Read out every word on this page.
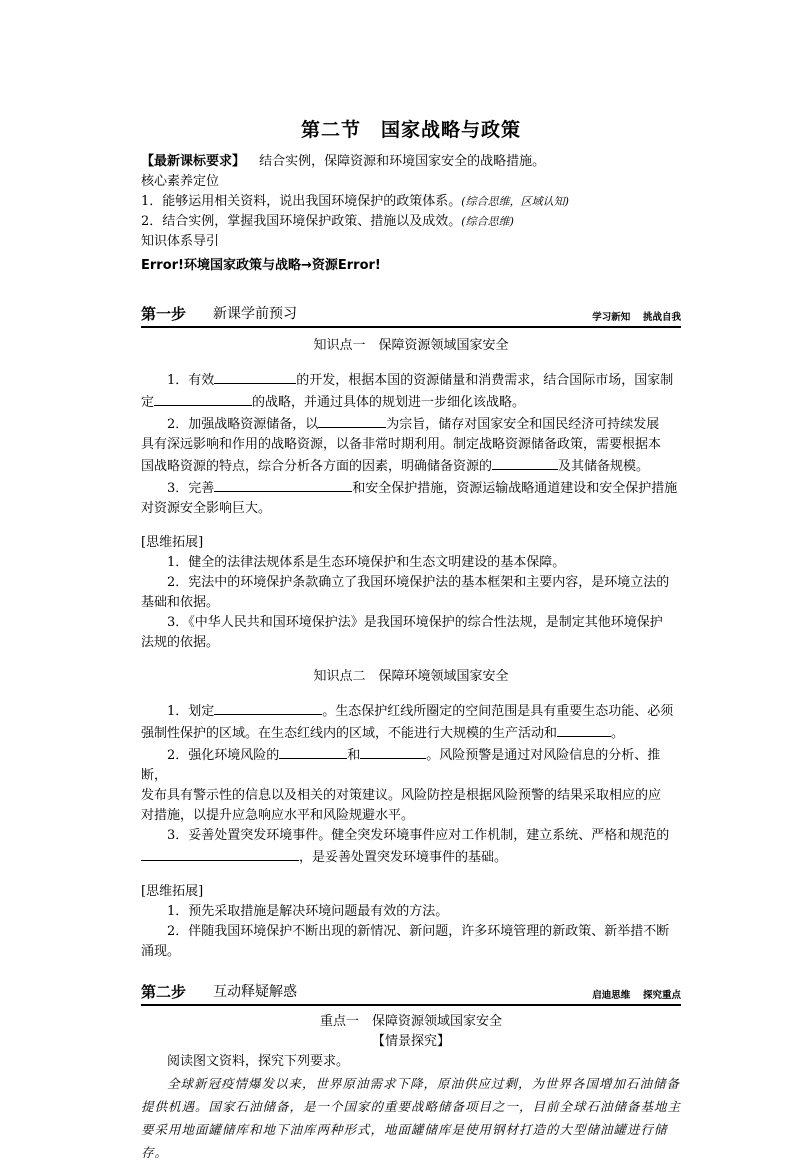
第二节　国家战略与政策

【最新课标要求】 结合实例，保障资源和环境国家安全的战略措施。

核心素养定位

1．能够运用相关资料，说出我国环境保护的政策体系。(综合思维，区域认知)

2．结合实例，掌握我国环境保护政策、措施以及成效。(综合思维)

知识体系导引

Error!环境国家政策与战略→资源Error!

第一步 新课学前预习	学习新知　 挑战自我

知识点一　保障资源领域国家安全

1．有效	的开发，根据本国的资源储量和消费需求，结合国际市场，国家制

定	的战略，并通过具体的规划进一步细化该战略。

2．加强战略资源储备，以	为宗旨，储存对国家安全和国民经济可持续发展

具有深远影响和作用的战略资源，以备非常时期利用。制定战略资源储备政策，需要根据本

国战略资源的特点，综合分析各方面的因素，明确储备资源的	及其储备规模。

3．完善	和安全保护措施，资源运输战略通道建设和安全保护措施

对资源安全影响巨大。

[思维拓展]

1．健全的法律法规体系是生态环境保护和生态文明建设的基本保障。

2．宪法中的环境保护条款确立了我国环境保护法的基本框架和主要内容，是环境立法的

基础和依据。

3．《中华人民共和国环境保护法》是我国环境保护的综合性法规，是制定其他环境保护

法规的依据。

知识点二　保障环境领域国家安全

1．划定	。生态保护红线所圈定的空间范围是具有重要生态功能、必须

强制性保护的区域。在生态红线内的区域，不能进行大规模的生产活动和	。

2．强化环境风险的	和	。风险预警是通过对风险信息的分析、推断，

发布具有警示性的信息以及相关的对策建议。风险防控是根据风险预警的结果采取相应的应

对措施，以提升应急响应水平和风险规避水平。

3．妥善处置突发环境事件。健全突发环境事件应对工作机制，建立系统、严格和规范的

，是妥善处置突发环境事件的基础。

[思维拓展]

1．预先采取措施是解决环境问题最有效的方法。

2．伴随我国环境保护不断出现的新情况、新问题，许多环境管理的新政策、新举措不断

涌现。

第二步 互动释疑解惑	启迪思维　 探究重点

重点一　保障资源领域国家安全

【情景探究】

阅读图文资料，探究下列要求。

全球新冠疫情爆发以来，世界原油需求下降，原油供应过剩，为世界各国增加石油储备

提供机遇。国家石油储备，是一个国家的重要战略储备项目之一，目前全球石油储备基地主

要采用地面罐储库和地下油库两种形式，地面罐储库是使用钢材打造的大型储油罐进行储存。
